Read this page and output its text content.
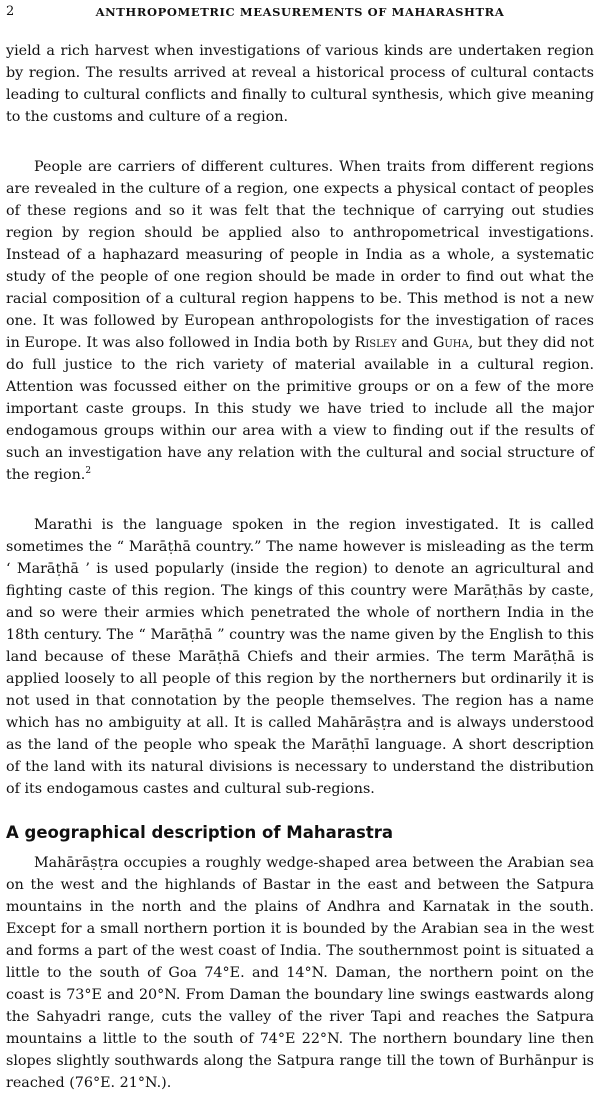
2	ANTHROPOMETRIC MEASUREMENTS OF MAHARASHTRA

yield a rich harvest when investigations of various kinds are undertaken region by region. The results arrived at reveal a historical process of cultural contacts leading to cultural conflicts and finally to cultural synthesis, which give meaning to the customs and culture of a region.

People are carriers of different cultures. When traits from different regions are revealed in the culture of a region, one expects a physical contact of peoples of these regions and so it was felt that the technique of carrying out studies region by region should be applied also to anthropometrical investigations. Instead of a haphazard measuring of people in India as a whole, a systematic study of the people of one region should be made in order to find out what the racial composition of a cultural region happens to be. This method is not a new one. It was followed by European anthropologists for the investigation of races in Europe. It was also followed in India both by Risley and Guha, but they did not do full justice to the rich variety of material available in a cultural region. Attention was focussed either on the primitive groups or on a few of the more important caste groups. In this study we have tried to include all the major endogamous groups within our area with a view to finding out if the results of such an investigation have any relation with the cultural and social structure of the region.$^2$

Marathi is the language spoken in the region investigated. It is called sometimes the “ Marāṭhā country.” The name however is misleading as the term ‘ Marāṭhā ’ is used popularly (inside the region) to denote an agricultural and fighting caste of this region. The kings of this country were Marāṭhās by caste, and so were their armies which penetrated the whole of northern India in the 18th century. The “ Marāṭhā ” country was the name given by the English to this land because of these Marāṭhā Chiefs and their armies. The term Marāṭhā is applied loosely to all people of this region by the northerners but ordinarily it is not used in that connotation by the people themselves. The region has a name which has no ambiguity at all. It is called Mahārāṣṭra and is always understood as the land of the people who speak the Marāṭhī language. A short description of the land with its natural divisions is necessary to understand the distribution of its endogamous castes and cultural sub-regions.

A geographical description of Maharastra

Mahārāṣṭra occupies a roughly wedge-shaped area between the Arabian sea on the west and the highlands of Bastar in the east and between the Satpura mountains in the north and the plains of Andhra and Karnatak in the south. Except for a small northern portion it is bounded by the Arabian sea in the west and forms a part of the west coast of India. The southernmost point is situated a little to the south of Goa 74°E. and 14°N. Daman, the northern point on the coast is 73°E and 20°N. From Daman the boundary line swings eastwards along the Sahyadri range, cuts the valley of the river Tapi and reaches the Satpura mountains a little to the south of 74°E 22°N. The northern boundary line then slopes slightly southwards along the Satpura range till the town of Burhānpur is reached (76°E. 21°N.).
